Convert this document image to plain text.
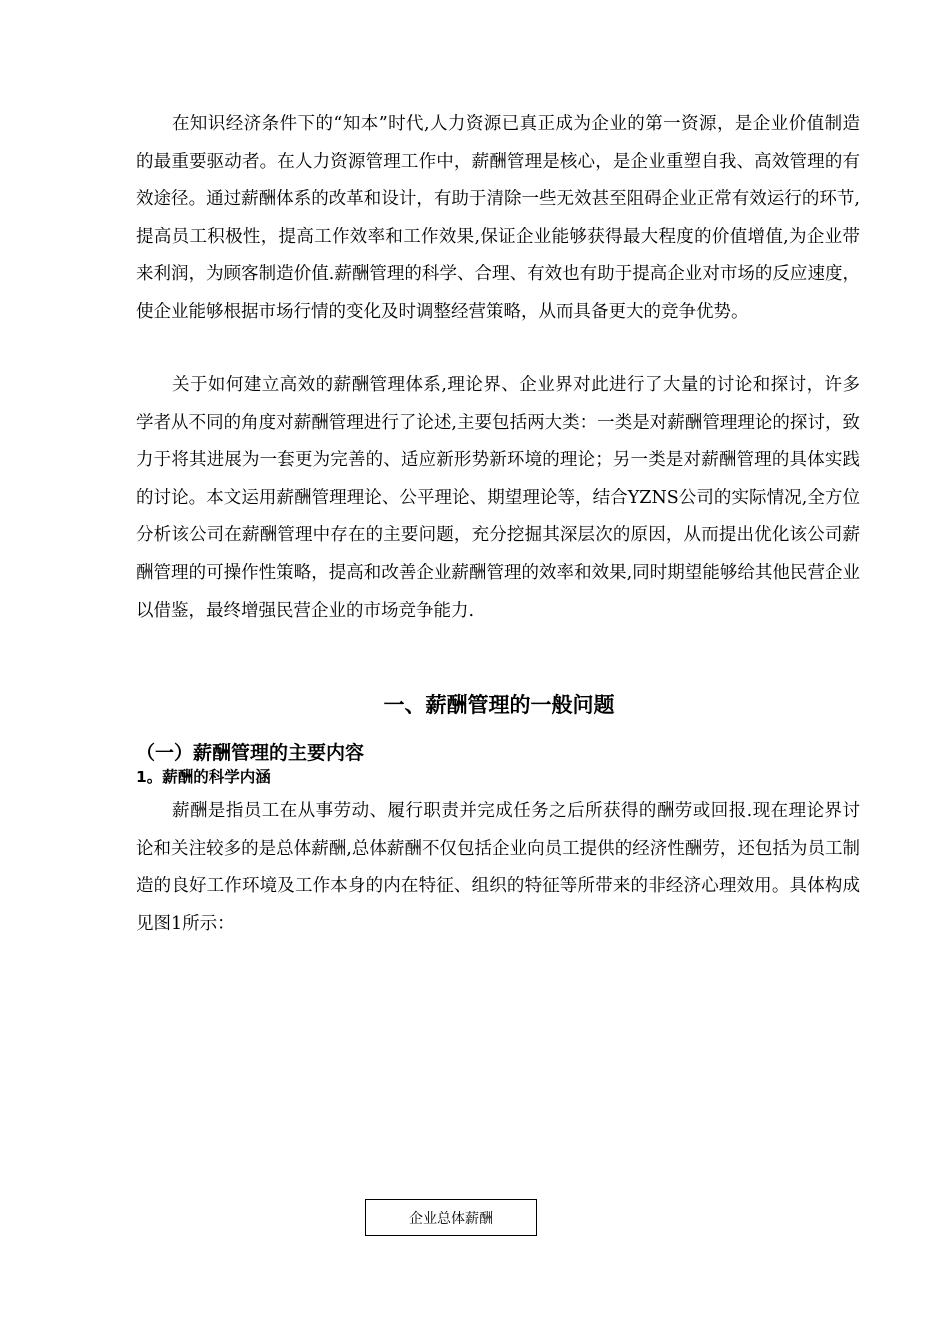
在知识经济条件下的“知本”时代,人力资源已真正成为企业的第一资源，是企业价值制造的最重要驱动者。在人力资源管理工作中，薪酬管理是核心，是企业重塑自我、高效管理的有效途径。通过薪酬体系的改革和设计，有助于清除一些无效甚至阻碍企业正常有效运行的环节,提高员工积极性，提高工作效率和工作效果,保证企业能够获得最大程度的价值增值,为企业带来利润，为顾客制造价值.薪酬管理的科学、合理、有效也有助于提高企业对市场的反应速度，使企业能够根据市场行情的变化及时调整经营策略，从而具备更大的竞争优势。

关于如何建立高效的薪酬管理体系,理论界、企业界对此进行了大量的讨论和探讨，许多学者从不同的角度对薪酬管理进行了论述,主要包括两大类：一类是对薪酬管理理论的探讨，致力于将其进展为一套更为完善的、适应新形势新环境的理论；另一类是对薪酬管理的具体实践的讨论。本文运用薪酬管理理论、公平理论、期望理论等，结合YZNS公司的实际情况,全方位分析该公司在薪酬管理中存在的主要问题，充分挖掘其深层次的原因，从而提出优化该公司薪酬管理的可操作性策略，提高和改善企业薪酬管理的效率和效果,同时期望能够给其他民营企业以借鉴，最终增强民营企业的市场竞争能力.

一、薪酬管理的一般问题
（一）薪酬管理的主要内容
1。薪酬的科学内涵

薪酬是指员工在从事劳动、履行职责并完成任务之后所获得的酬劳或回报.现在理论界讨论和关注较多的是总体薪酬,总体薪酬不仅包括企业向员工提供的经济性酬劳，还包括为员工制造的良好工作环境及工作本身的内在特征、组织的特征等所带来的非经济心理效用。具体构成见图1所示：

企业总体薪酬
